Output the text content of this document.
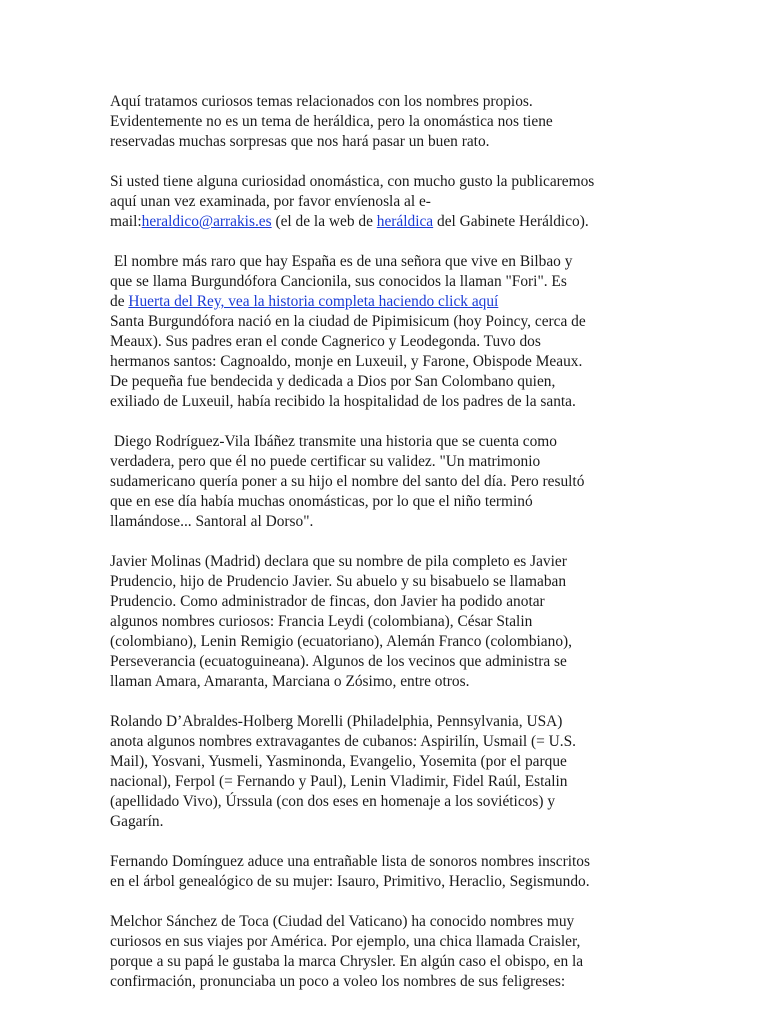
Aquí tratamos curiosos temas relacionados con los nombres propios.
Evidentemente no es un tema de heráldica, pero la onomástica nos tiene
reservadas muchas sorpresas que nos hará pasar un buen rato.

Si usted tiene alguna curiosidad onomástica, con mucho gusto la publicaremos
aquí unan vez examinada, por favor envíenosla al e-
mail:heraldico@arrakis.es (el de la web de heráldica del Gabinete Heráldico).

El nombre más raro que hay España es de una señora que vive en Bilbao y
que se llama Burgundófora Cancionila, sus conocidos la llaman "Fori". Es
de Huerta del Rey, vea la historia completa haciendo click aquí
Santa Burgundófora nació en la ciudad de Pipimisicum (hoy Poincy, cerca de
Meaux). Sus padres eran el conde Cagnerico y Leodegonda. Tuvo dos
hermanos santos: Cagnoaldo, monje en Luxeuil, y Farone, Obispode Meaux.
De pequeña fue bendecida y dedicada a Dios por San Colombano quien,
exiliado de Luxeuil, había recibido la hospitalidad de los padres de la santa.

Diego Rodríguez-Vila Ibáñez transmite una historia que se cuenta como
verdadera, pero que él no puede certificar su validez. "Un matrimonio
sudamericano quería poner a su hijo el nombre del santo del día. Pero resultó
que en ese día había muchas onomásticas, por lo que el niño terminó
llamándose... Santoral al Dorso".

Javier Molinas (Madrid) declara que su nombre de pila completo es Javier
Prudencio, hijo de Prudencio Javier. Su abuelo y su bisabuelo se llamaban
Prudencio. Como administrador de fincas, don Javier ha podido anotar
algunos nombres curiosos: Francia Leydi (colombiana), César Stalin
(colombiano), Lenin Remigio (ecuatoriano), Alemán Franco (colombiano),
Perseverancia (ecuatoguineana). Algunos de los vecinos que administra se
llaman Amara, Amaranta, Marciana o Zósimo, entre otros.

Rolando D’Abraldes-Holberg Morelli (Philadelphia, Pennsylvania, USA)
anota algunos nombres extravagantes de cubanos: Aspirilín, Usmail (= U.S.
Mail), Yosvani, Yusmeli, Yasminonda, Evangelio, Yosemita (por el parque
nacional), Ferpol (= Fernando y Paul), Lenin Vladimir, Fidel Raúl, Estalin
(apellidado Vivo), Úrssula (con dos eses en homenaje a los soviéticos) y
Gagarín.

Fernando Domínguez aduce una entrañable lista de sonoros nombres inscritos
en el árbol genealógico de su mujer: Isauro, Primitivo, Heraclio, Segismundo.

Melchor Sánchez de Toca (Ciudad del Vaticano) ha conocido nombres muy
curiosos en sus viajes por América. Por ejemplo, una chica llamada Craisler,
porque a su papá le gustaba la marca Chrysler. En algún caso el obispo, en la
confirmación, pronunciaba un poco a voleo los nombres de sus feligreses:
